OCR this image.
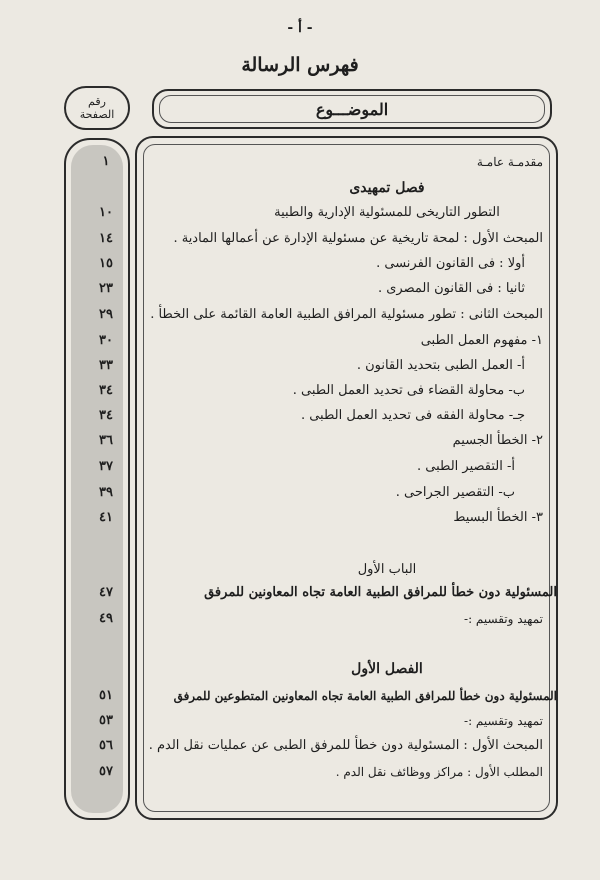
- أ -
فهرس الرسالة
رقم
الصفحة	الموضـــوع
١	مقدمـة عامـة
فصل تمهيدى
١٠	التطور التاريخى للمسئولية الإدارية والطبية
١٤	المبحث الأول : لمحة تاريخية عن مسئولية الإدارة عن أعمالها المادية .
١٥	أولا : فى القانون الفرنسى .
٢٣	ثانيا : فى القانون المصرى .
٢٩	المبحث الثانى : تطور مسئولية المرافق الطبية العامة القائمة على الخطأ .
٣٠	١- مفهوم العمل الطبى
٣٣	أ- العمل الطبى بتحديد القانون .
٣٤	ب- محاولة القضاء فى تحديد العمل الطبى .
٣٤	جـ- محاولة الفقه فى تحديد العمل الطبى .
٣٦	٢- الخطأ الجسيم
٣٧	أ- التقصير الطبى .
٣٩	ب- التقصير الجراحى .
٤١	٣- الخطأ البسيط
الباب الأول
٤٧	المسئولية دون خطأ للمرافق الطبية العامة تجاه المعاونين للمرفق
٤٩	تمهيد وتقسيم :-
الفصل الأول
٥١	المسئولية دون خطأ للمرافق الطبية العامة تجاه المعاونين المتطوعين للمرفق
٥٣	تمهيد وتقسيم :-
٥٦	المبحث الأول : المسئولية دون خطأ للمرفق الطبى عن عمليات نقل الدم .
٥٧	المطلب الأول : مراكز ووظائف نقل الدم .
